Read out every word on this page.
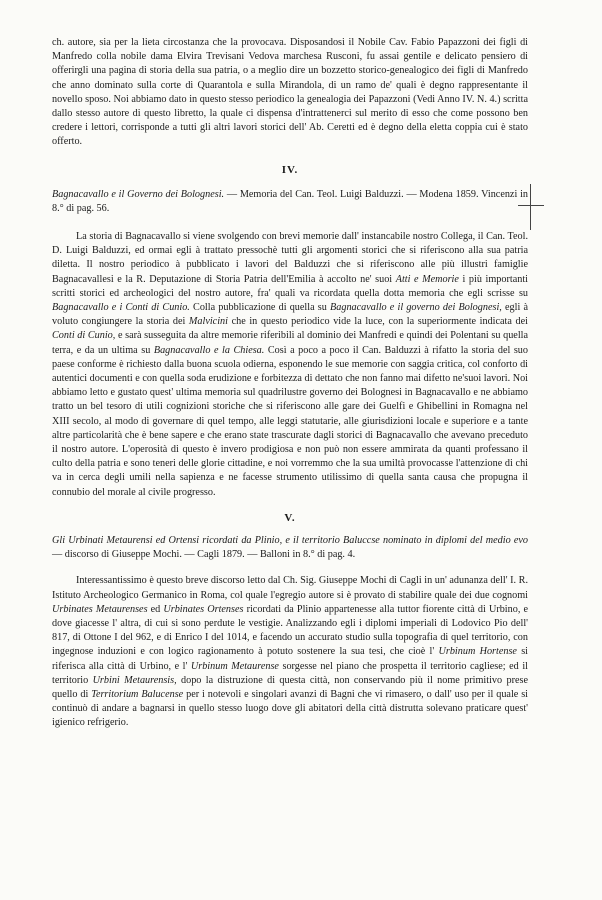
ch. autore, sia per la lieta circostanza che la provocava. Disposandosi il Nobile Cav. Fabio Papazzoni dei figli di Manfredo colla nobile dama Elvira Trevisani Vedova marchesa Rusconi, fu assai gentile e delicato pensiero di offerirgli una pagina di storia della sua patria, o a meglio dire un bozzetto storico-genealogico dei figli di Manfredo che anno dominato sulla corte di Quarantola e sulla Mirandola, di un ramo de' quali è degno rappresentante il novello sposo. Noi abbiamo dato in questo stesso periodico la genealogia dei Papazzoni (Vedi Anno IV. N. 4.) scritta dallo stesso autore di questo libretto, la quale ci dispensa d'intrattenerci sul merito di esso che come possono ben credere i lettori, corrisponde a tutti gli altri lavori storici dell' Ab. Ceretti ed è degno della eletta coppia cui è stato offerto.

IV.

Bagnacavallo e il Governo dei Bolognesi. — Memoria del Can. Teol. Luigi Balduzzi. — Modena 1859. Vincenzi in 8.° di pag. 56.

La storia di Bagnacavallo si viene svolgendo con brevi memorie dall' instancabile nostro Collega, il Can. Teol. D. Luigi Balduzzi, ed ormai egli à trattato pressochè tutti gli argomenti storici che si riferiscono alla sua patria diletta. Il nostro periodico à pubblicato i lavori del Balduzzi che si riferiscono alle più illustri famiglie Bagnacavallesi e la R. Deputazione di Storia Patria dell'Emilia à accolto ne' suoi Atti e Memorie i più importanti scritti storici ed archeologici del nostro autore, fra' quali va ricordata quella dotta memoria che egli scrisse su Bagnacavallo e i Conti di Cunio. Colla pubblicazione di quella su Bagnacavallo e il governo dei Bolognesi, egli à voluto congiungere la storia dei Malvicini che in questo periodico vide la luce, con la superiormente indicata dei Conti di Cunio, e sarà susseguita da altre memorie riferibili al dominio dei Manfredi e quindi dei Polentani su quella terra, e da un ultima su Bagnacavallo e la Chiesa. Così a poco a poco il Can. Balduzzi à rifatto la storia del suo paese conforme è richiesto dalla buona scuola odierna, esponendo le sue memorie con saggia critica, col conforto di autentici documenti e con quella soda erudizione e forbitezza di dettato che non fanno mai difetto ne'suoi lavori. Noi abbiamo letto e gustato quest' ultima memoria sul quadrilustre governo dei Bolognesi in Bagnacavallo e ne abbiamo tratto un bel tesoro di utili cognizioni storiche che si riferiscono alle gare dei Guelfi e Ghibellini in Romagna nel XIII secolo, al modo di governare di quel tempo, alle leggi statutarie, alle giurisdizioni locale e superiore e a tante altre particolarità che è bene sapere e che erano state trascurate dagli storici di Bagnacavallo che avevano preceduto il nostro autore. L'operosità di questo è invero prodigiosa e non può non essere ammirata da quanti professano il culto della patria e sono teneri delle glorie cittadine, e noi vorremmo che la sua umiltà provocasse l'attenzione di chi va in cerca degli umili nella sapienza e ne facesse strumento utilissimo di quella santa causa che propugna il connubio del morale al civile progresso.

V.

Gli Urbinati Metaurensi ed Ortensi ricordati da Plinio, e il territorio Baluccse nominato in diplomi del medio evo — discorso di Giuseppe Mochi. — Cagli 1879. — Balloni in 8.° di pag. 4.

Interessantissimo è questo breve discorso letto dal Ch. Sig. Giuseppe Mochi di Cagli in un' adunanza dell' I. R. Istituto Archeologico Germanico in Roma, col quale l'egregio autore si è provato di stabilire quale dei due cognomi Urbinates Metaurenses ed Urbinates Ortenses ricordati da Plinio appartenesse alla tuttor fiorente città di Urbino, e dove giacesse l' altra, di cui si sono perdute le vestigie. Analizzando egli i diplomi imperiali di Lodovico Pio dell' 817, di Ottone I del 962, e di Enrico I del 1014, e facendo un accurato studio sulla topografia di quel territorio, con ingegnose induzioni e con logico ragionamento à potuto sostenere la sua tesi, che cioè l' Urbinum Hortense si riferisca alla città di Urbino, e l' Urbinum Metaurense sorgesse nel piano che prospetta il territorio cagliese; ed il territorio Urbini Metaurensis, dopo la distruzione di questa città, non conservando più il nome primitivo prese quello di Territorium Balucense per i notevoli e singolari avanzi di Bagni che vi rimasero, o dall' uso per il quale si continuò di andare a bagnarsi in quello stesso luogo dove gli abitatori della città distrutta solevano praticare quest' igienico refrigerio.
